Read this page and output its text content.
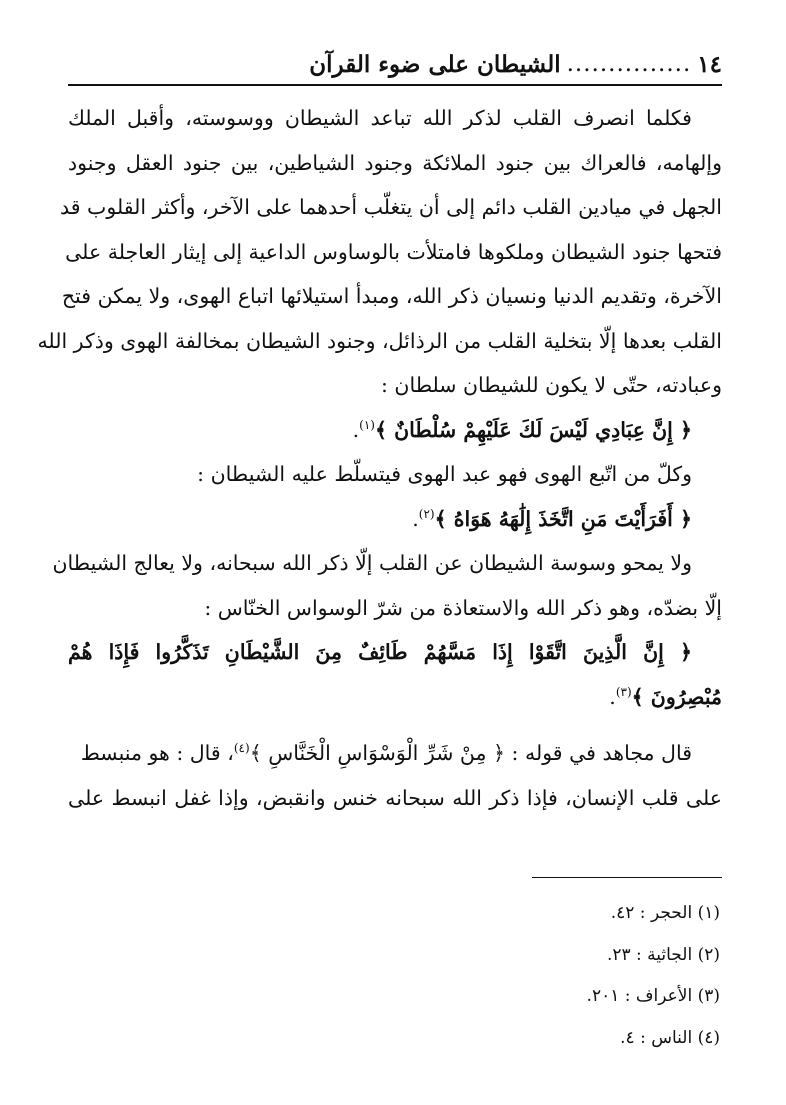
١٤
...............
الشيطان على ضوء القرآن
فكلما انصرف القلب لذكر الله تباعد الشيطان ووسوسته، وأقبل الملك
وإلهامه، فالعراك بين جنود الملائكة وجنود الشياطين، بين جنود العقل وجنود
الجهل في ميادين القلب دائم إلى أن يتغلّب أحدهما على الآخر، وأكثر القلوب قد
فتحها جنود الشيطان وملكوها فامتلأت بالوساوس الداعية إلى إيثار العاجلة على
الآخرة، وتقديم الدنيا ونسيان ذكر الله، ومبدأ استيلائها اتباع الهوى، ولا يمكن فتح
القلب بعدها إلّا بتخلية القلب من الرذائل، وجنود الشيطان بمخالفة الهوى وذكر الله
وعبادته، حتّى لا يكون للشيطان سلطان :
﴿ إِنَّ عِبَادِي لَيْسَ لَكَ عَلَيْهِمْ سُلْطَانٌ ﴾$^{(١)}$.
وكلّ من اتّبع الهوى فهو عبد الهوى فيتسلّط عليه الشيطان :
﴿ أَفَرَأَيْتَ مَنِ اتَّخَذَ إِلَٰهَهُ هَوَاهُ ﴾$^{(٢)}$.
ولا يمحو وسوسة الشيطان عن القلب إلّا ذكر الله سبحانه، ولا يعالج الشيطان
إلّا بضدّه، وهو ذكر الله والاستعاذة من شرّ الوسواس الخنّاس :
﴿ إِنَّ الَّذِينَ اتَّقَوْا إِذَا مَسَّهُمْ طَائِفٌ مِنَ الشَّيْطَانِ تَذَكَّرُوا فَإِذَا هُمْ
مُبْصِرُونَ ﴾$^{(٣)}$.
قال مجاهد في قوله : ﴿ مِنْ شَرِّ الْوَسْوَاسِ الْخَنَّاسِ ﴾$^{(٤)}$، قال : هو منبسط
على قلب الإنسان، فإذا ذكر الله سبحانه خنس وانقبض، وإذا غفل انبسط على
(١) الحجر : ٤٢.
(٢) الجاثية : ٢٣.
(٣) الأعراف : ٢٠١.
(٤) الناس : ٤.
